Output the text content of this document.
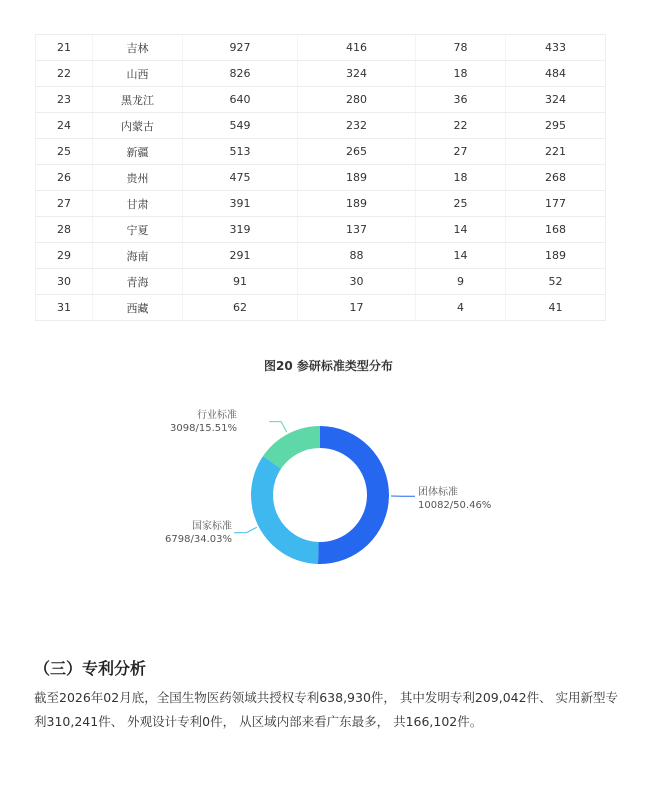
21	吉林	927	416	78	433
22	山西	826	324	18	484
23	黑龙江	640	280	36	324
24	内蒙古	549	232	22	295
25	新疆	513	265	27	221
26	贵州	475	189	18	268
27	甘肃	391	189	25	177
28	宁夏	319	137	14	168
29	海南	291	88	14	189
30	青海	91	30	9	52
31	西藏	62	17	4	41
图20 参研标准类型分布
团体标准
10082/50.46%
国家标准
6798/34.03%
行业标准
3098/15.51%
（三）专利分析
截至2026年02月底，全国生物医药领域共授权专利638,930件， 其中发明专利209,042件、 实用新型专利310,241件、 外观设计专利0件， 从区域内部来看广东最多， 共166,102件。
